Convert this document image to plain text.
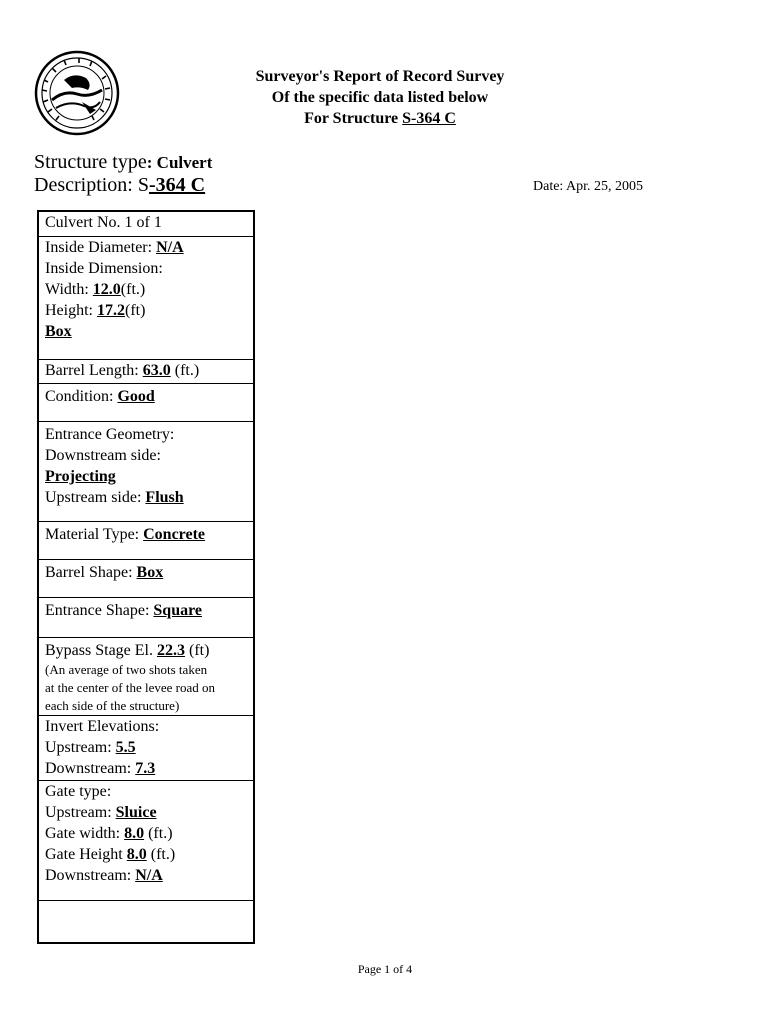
Surveyor's Report of Record Survey
Of the specific data listed below
For Structure S-364 C
Structure type: Culvert
Description: S-364 C	Date: Apr. 25, 2005
Culvert No. 1 of 1
Inside Diameter: N/A
Inside Dimension:
Width: 12.0(ft.)
Height: 17.2(ft)
Box
Barrel Length: 63.0 (ft.)
Condition: Good
Entrance Geometry:
Downstream side:
Projecting
Upstream side: Flush
Material Type: Concrete
Barrel Shape: Box
Entrance Shape: Square
Bypass Stage El. 22.3 (ft)
(An average of two shots taken
at the center of the levee road on
each side of the structure)
Invert Elevations:
Upstream: 5.5
Downstream: 7.3
Gate type:
Upstream: Sluice
Gate width: 8.0 (ft.)
Gate Height 8.0 (ft.)
Downstream: N/A
Page 1 of 4
